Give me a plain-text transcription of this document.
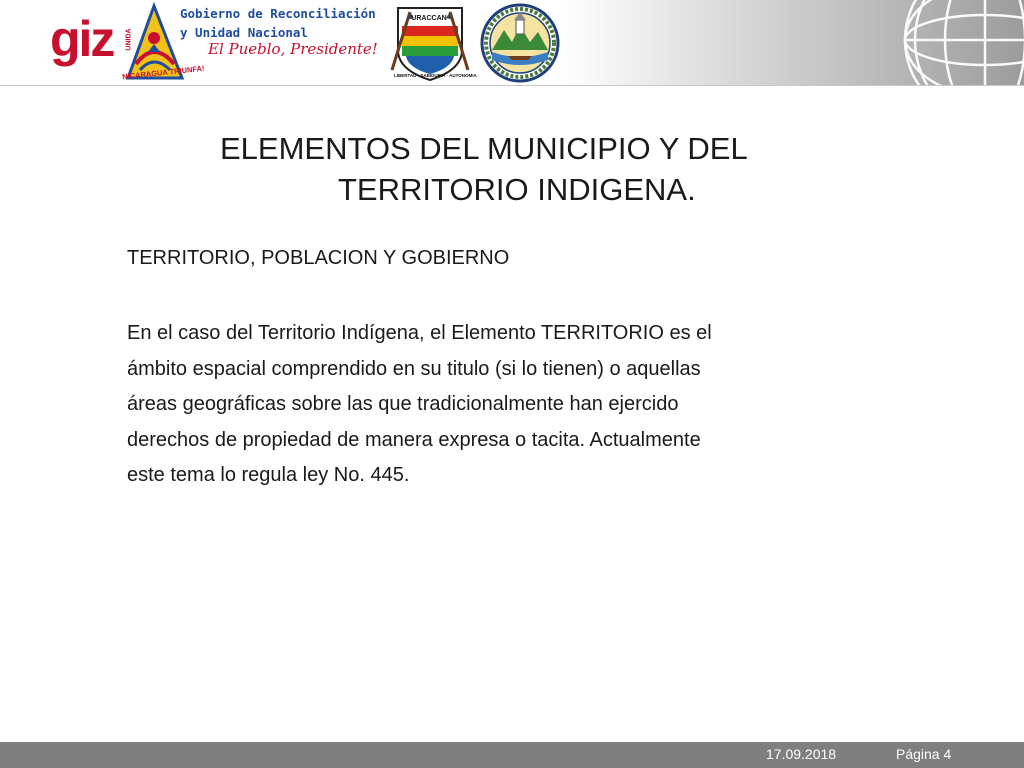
giz UNIDA
Gobierno de Reconciliación
y Unidad Nacional
El Pueblo, Presidente!
NICARAGUA TRIUNFA!
URACCAN
LIBERTAD · SABIDURIA · AUTONOMIA
ELEMENTOS DEL MUNICIPIO Y DEL
TERRITORIO INDIGENA.
TERRITORIO, POBLACION Y GOBIERNO
En el caso del Territorio Indígena, el Elemento TERRITORIO es el
ámbito espacial comprendido en su titulo (si lo tienen) o aquellas
áreas geográficas sobre las que tradicionalmente han ejercido
derechos de propiedad de manera expresa o tacita. Actualmente
este tema lo regula ley No. 445.
17.09.2018	Página 4
